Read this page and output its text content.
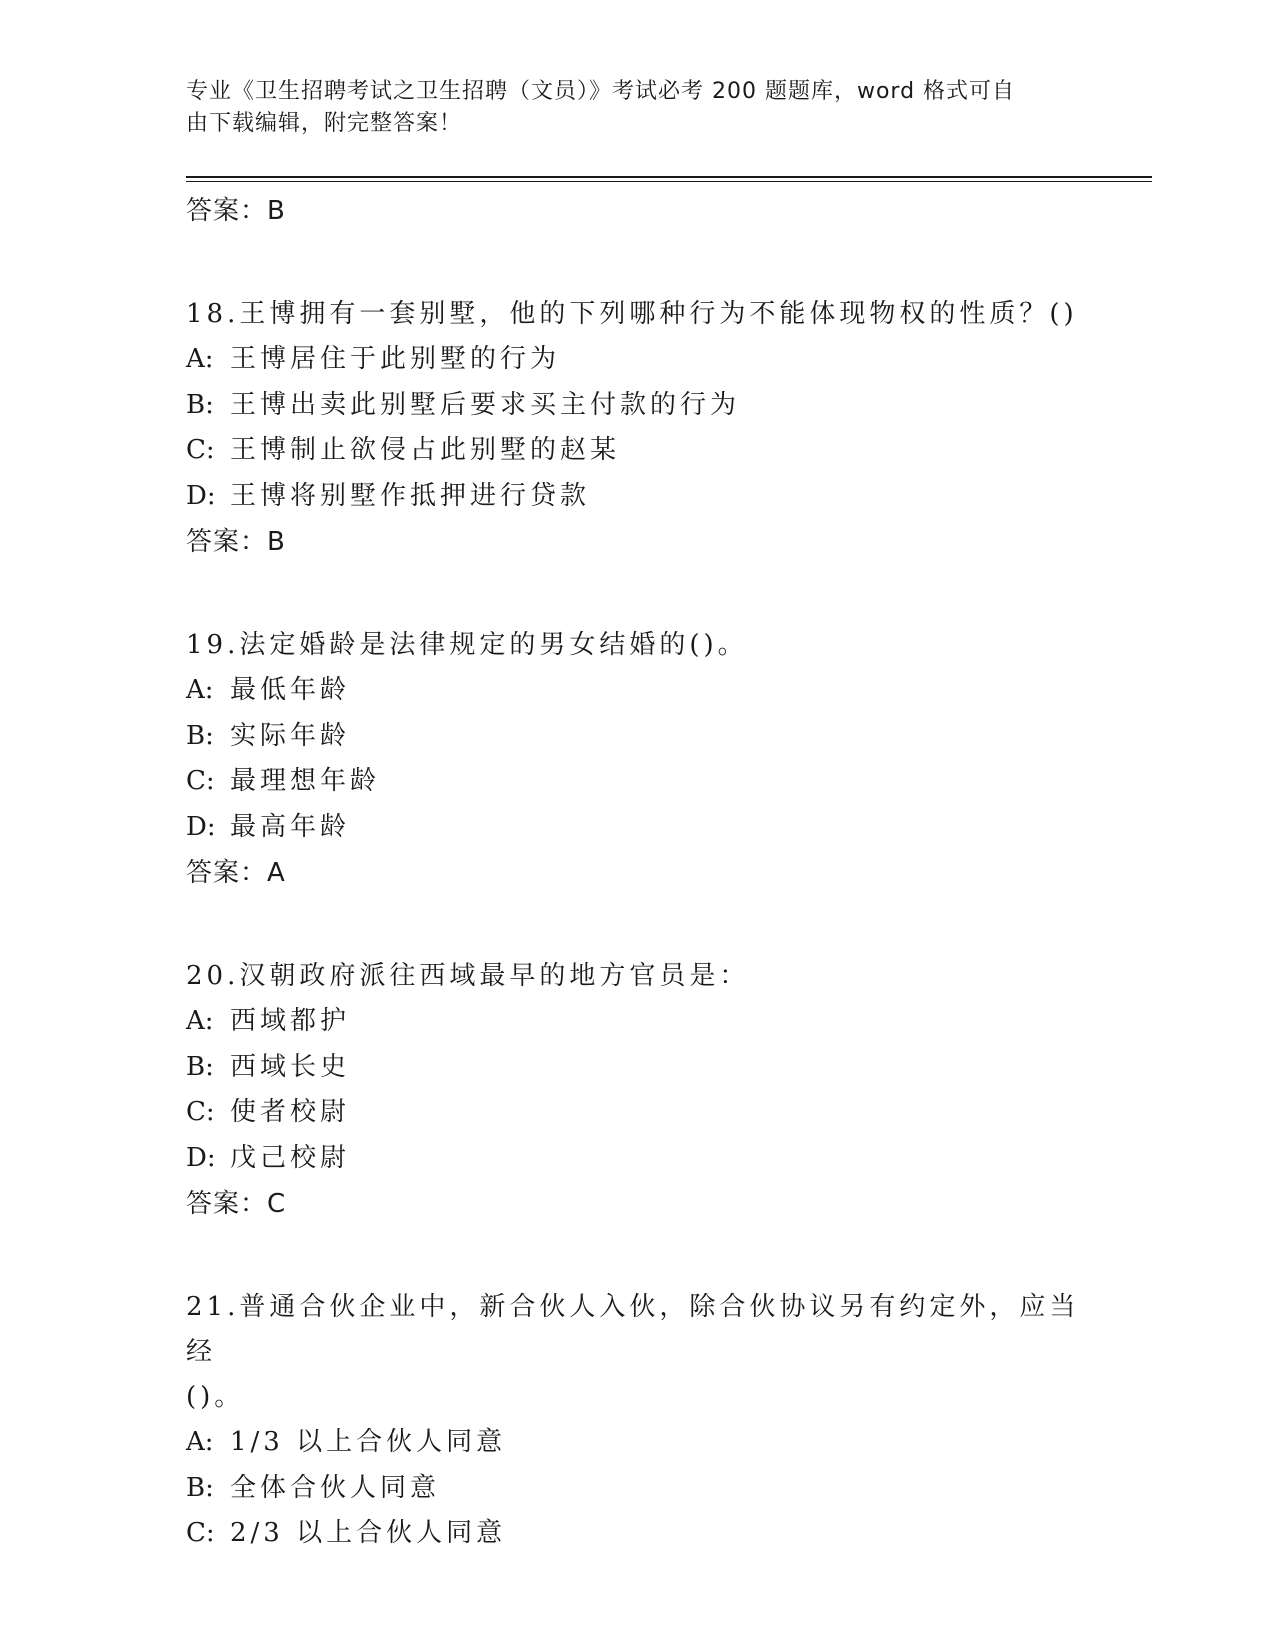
专业《卫生招聘考试之卫生招聘（文员）》考试必考 200 题题库，word 格式可自
由下载编辑，附完整答案！
答案：B
18.王博拥有一套别墅，他的下列哪种行为不能体现物权的性质？()
A: 王博居住于此别墅的行为
B: 王博出卖此别墅后要求买主付款的行为
C: 王博制止欲侵占此别墅的赵某
D: 王博将别墅作抵押进行贷款
答案：B
19.法定婚龄是法律规定的男女结婚的()。
A: 最低年龄
B: 实际年龄
C: 最理想年龄
D: 最高年龄
答案：A
20.汉朝政府派往西域最早的地方官员是：
A: 西域都护
B: 西域长史
C: 使者校尉
D: 戊己校尉
答案：C
21.普通合伙企业中，新合伙人入伙，除合伙协议另有约定外，应当经
()。
A: 1/3 以上合伙人同意
B: 全体合伙人同意
C: 2/3 以上合伙人同意
